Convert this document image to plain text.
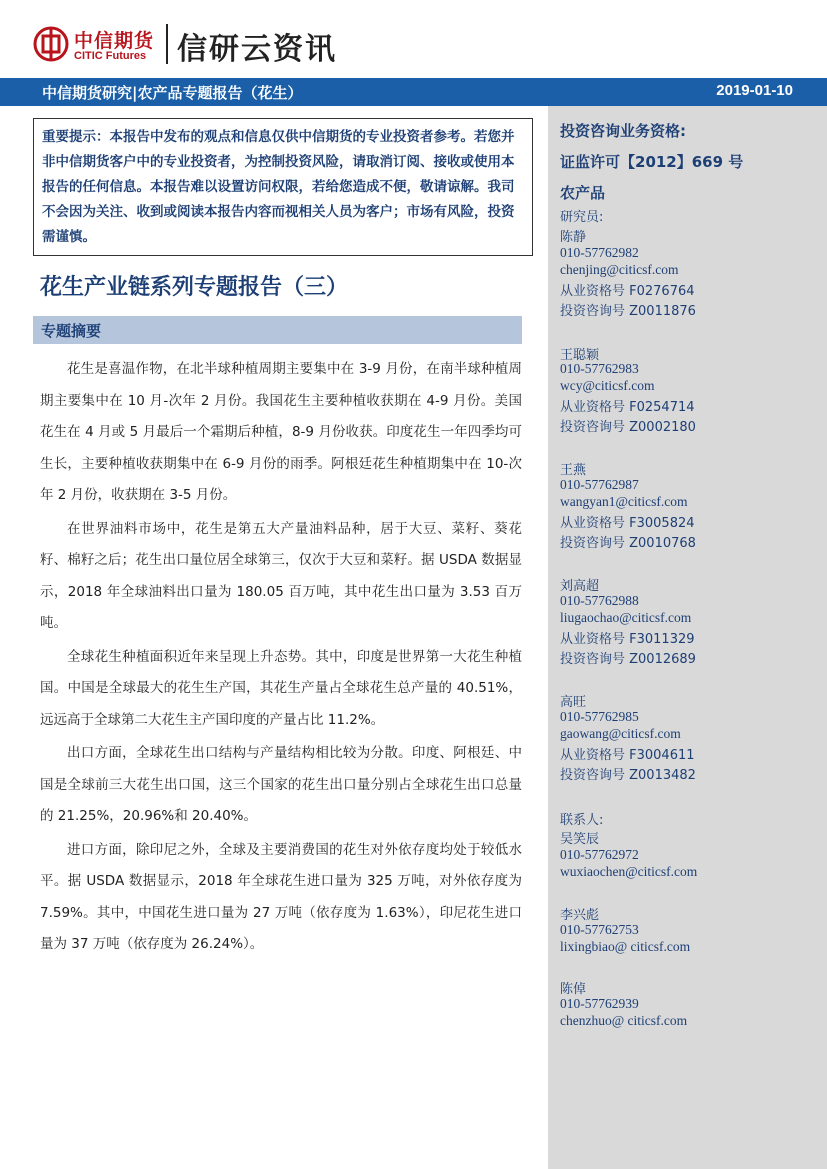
中信期货
CITIC Futures 信研云资讯
中信期货研究|农产品专题报告（花生）	2019-01-10
重要提示：本报告中发布的观点和信息仅供中信期货的专业投资者参考。若您并非中信期货客户中的专业投资者，为控制投资风险，请取消订阅、接收或使用本报告的任何信息。本报告难以设置访问权限，若给您造成不便，敬请谅解。我司不会因为关注、收到或阅读本报告内容而视相关人员为客户；市场有风险，投资需谨慎。
花生产业链系列专题报告（三）
专题摘要

花生是喜温作物，在北半球种植周期主要集中在 3-9 月份，在南半球种植周期主要集中在 10 月-次年 2 月份。我国花生主要种植收获期在 4-9 月份。美国花生在 4 月或 5 月最后一个霜期后种植，8-9 月份收获。印度花生一年四季均可生长，主要种植收获期集中在 6-9 月份的雨季。阿根廷花生种植期集中在 10-次年 2 月份，收获期在 3-5 月份。

在世界油料市场中，花生是第五大产量油料品种，居于大豆、菜籽、葵花籽、棉籽之后；花生出口量位居全球第三，仅次于大豆和菜籽。据 USDA 数据显示，2018 年全球油料出口量为 180.05 百万吨，其中花生出口量为 3.53 百万吨。

全球花生种植面积近年来呈现上升态势。其中，印度是世界第一大花生种植国。中国是全球最大的花生生产国，其花生产量占全球花生总产量的 40.51%，远远高于全球第二大花生主产国印度的产量占比 11.2%。

出口方面，全球花生出口结构与产量结构相比较为分散。印度、阿根廷、中国是全球前三大花生出口国，这三个国家的花生出口量分别占全球花生出口总量的 21.25%，20.96%和 20.40%。

进口方面，除印尼之外，全球及主要消费国的花生对外依存度均处于较低水平。据 USDA 数据显示，2018 年全球花生进口量为 325 万吨，对外依存度为 7.59%。其中，中国花生进口量为 27 万吨（依存度为 1.63%），印尼花生进口量为 37 万吨（依存度为 26.24%）。

投资咨询业务资格:
证监许可【2012】669 号
农产品
研究员:
陈静
010-57762982
chenjing@citicsf.com
从业资格号 F0276764
投资咨询号 Z0011876
王聪颖
010-57762983
wcy@citicsf.com
从业资格号 F0254714
投资咨询号 Z0002180
王燕
010-57762987
wangyan1@citicsf.com
从业资格号 F3005824
投资咨询号 Z0010768
刘高超
010-57762988
liugaochao@citicsf.com
从业资格号 F3011329
投资咨询号 Z0012689
高旺
010-57762985
gaowang@citicsf.com
从业资格号 F3004611
投资咨询号 Z0013482
联系人:
吴笑辰
010-57762972
wuxiaochen@citicsf.com
李兴彪
010-57762753
lixingbiao@ citicsf.com
陈倬
010-57762939
chenzhuo@ citicsf.com
